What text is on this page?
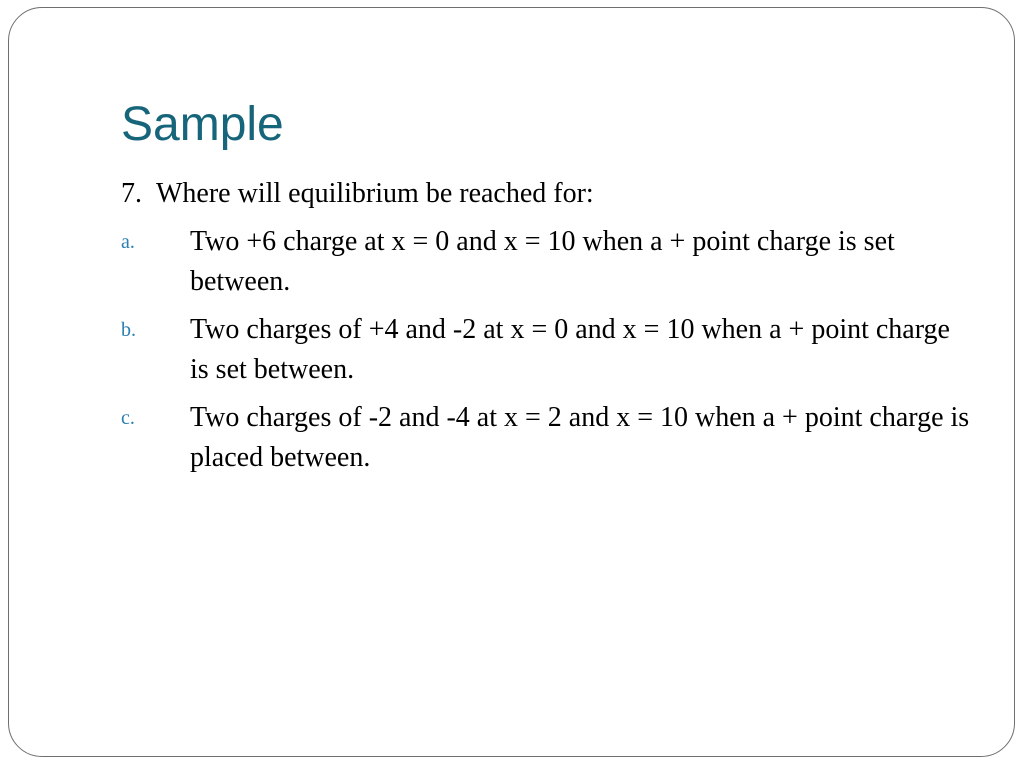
Sample
7. Where will equilibrium be reached for:
a. Two +6 charge at x = 0 and x = 10 when a + point charge is set between.
b. Two charges of +4 and -2 at x = 0 and x = 10 when a + point charge is set between.
c. Two charges of -2 and -4 at x = 2 and x = 10 when a + point charge is placed between.
